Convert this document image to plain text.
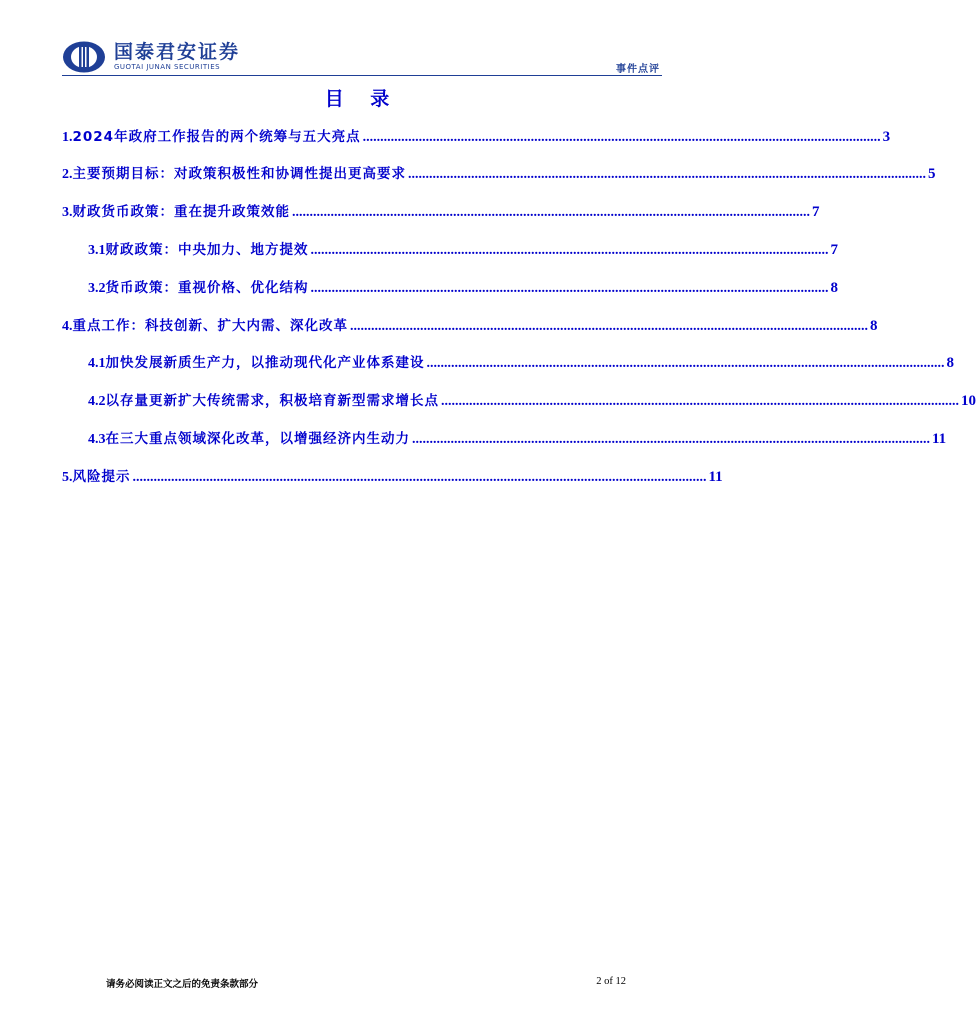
国泰君安证券
GUOTAI JUNAN SECURITIES	事件点评
目 录
1. 2024年政府工作报告的两个统筹与五大亮点 .................................................................................................................................................... 3
2. 主要预期目标：对政策积极性和协调性提出更高要求 .................................................................................................................................................... 5
3. 财政货币政策：重在提升政策效能 .................................................................................................................................................... 7
3.1 财政政策：中央加力、地方提效 .................................................................................................................................................... 7
3.2 货币政策：重视价格、优化结构 .................................................................................................................................................... 8
4. 重点工作：科技创新、扩大内需、深化改革 .................................................................................................................................................... 8
4.1 加快发展新质生产力，以推动现代化产业体系建设 .................................................................................................................................................... 8
4.2 以存量更新扩大传统需求，积极培育新型需求增长点 .................................................................................................................................................... 10
4.3 在三大重点领域深化改革，以增强经济内生动力 .................................................................................................................................................... 11
5. 风险提示 .................................................................................................................................................................... 11
请务必阅读正文之后的免责条款部分	2 of 12
